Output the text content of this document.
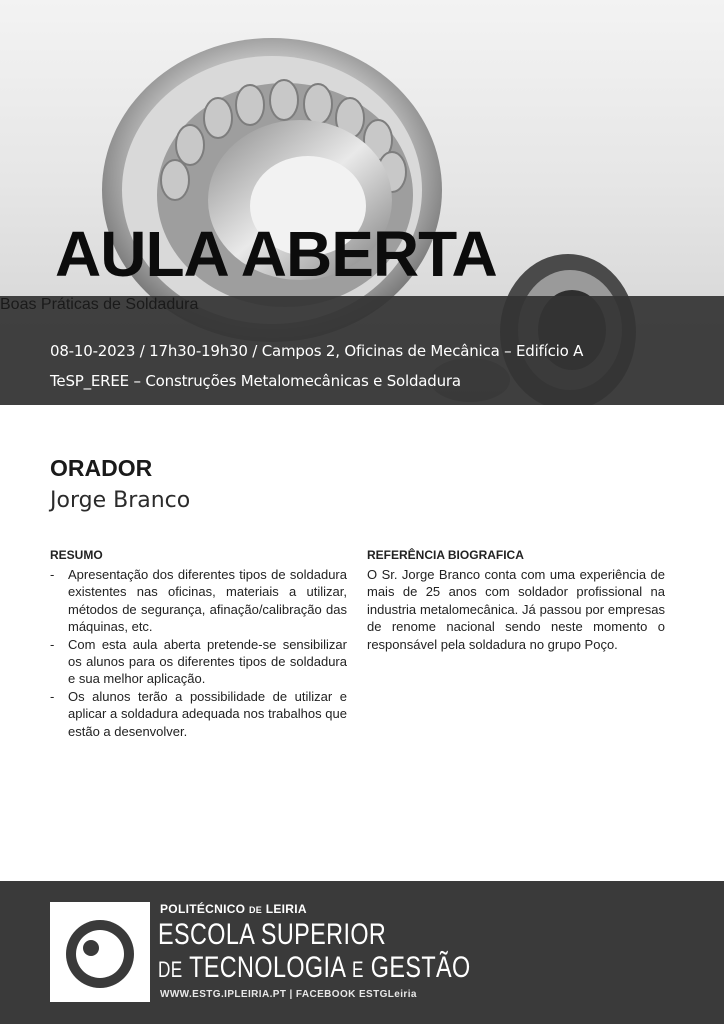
AULA ABERTA
Boas Práticas de Soldadura
08-10-2023 / 17h30-19h30 / Campos 2, Oficinas de Mecânica – Edifício A
TeSP_EREE – Construções Metalomecânicas e Soldadura
ORADOR

Jorge Branco

RESUMO
- Apresentação dos diferentes tipos de soldadura existentes nas oficinas, materiais a utilizar, métodos de segurança, afinação/calibração das máquinas, etc.
- Com esta aula aberta pretende-se sensibilizar os alunos para os diferentes tipos de soldadura e sua melhor aplicação.
- Os alunos terão a possibilidade de utilizar e aplicar a soldadura adequada nos trabalhos que estão a desenvolver.
REFERÊNCIA BIOGRAFICA

O Sr. Jorge Branco conta com uma experiência de mais de 25 anos com soldador profissional na industria metalomecânica. Já passou por empresas de renome nacional sendo neste momento o responsável pela soldadura no grupo Poço.

POLITÉCNICO DE LEIRIA
ESCOLA SUPERIOR
DE TECNOLOGIA E GESTÃO
WWW.ESTG.IPLEIRIA.PT | FACEBOOK ESTGLeiria
